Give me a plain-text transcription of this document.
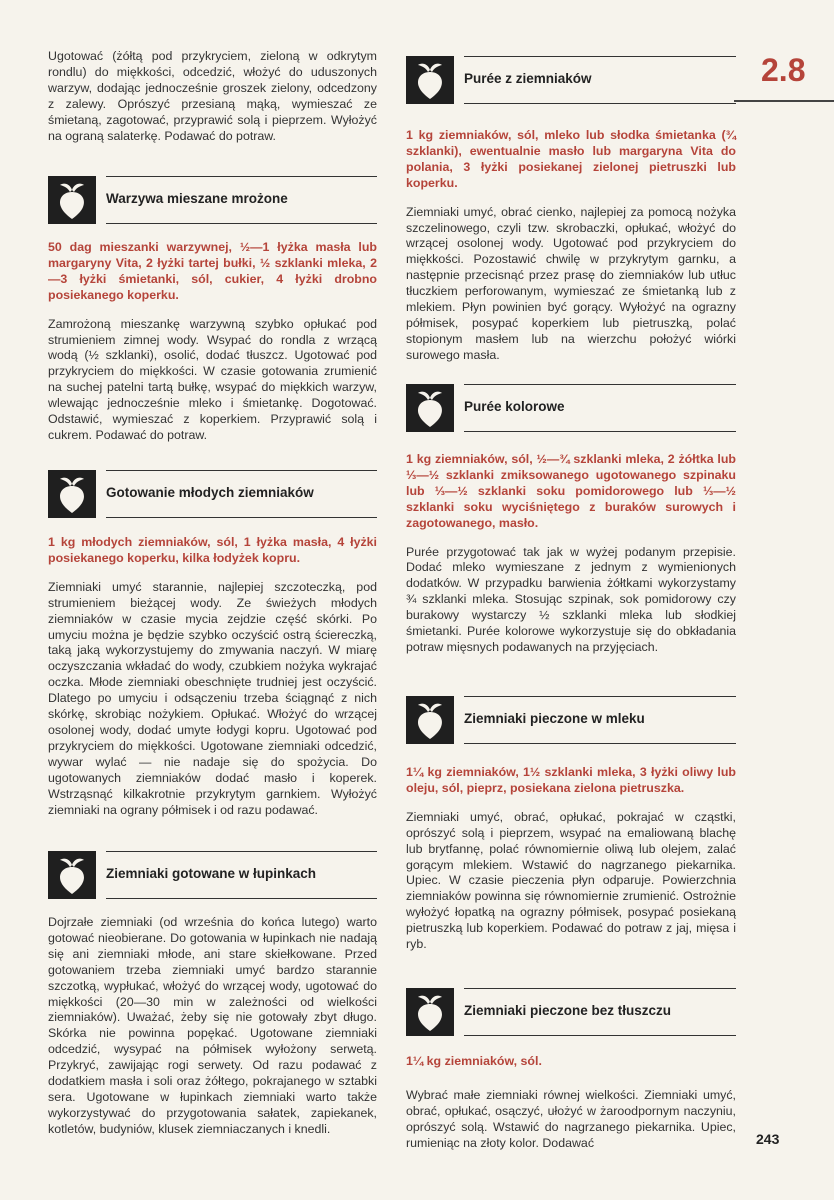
2.8

Ugotować (żółtą pod przykryciem, zieloną w odkrytym rondlu) do miękkości, odcedzić, włożyć do uduszonych warzyw, dodając jednocześnie groszek zielony, odcedzony z zalewy. Oprószyć przesianą mąką, wymieszać ze śmietaną, zagotować, przyprawić solą i pieprzem. Wyłożyć na ograną salaterkę. Podawać do potraw.

Warzywa mieszane mrożone

50 dag mieszanki warzywnej, ½—1 łyżka masła lub margaryny Vita, 2 łyżki tartej bułki, ½ szklanki mleka, 2—3 łyżki śmietanki, sól, cukier, 4 łyżki drobno posiekanego koperku.

Zamrożoną mieszankę warzywną szybko opłukać pod strumieniem zimnej wody. Wsypać do rondla z wrzącą wodą (½ szklanki), osolić, dodać tłuszcz. Ugotować pod przykryciem do miękkości. W czasie gotowania zrumienić na suchej patelni tartą bułkę, wsypać do miękkich warzyw, wlewając jednocześnie mleko i śmietankę. Dogotować. Odstawić, wymieszać z koperkiem. Przyprawić solą i cukrem. Podawać do potraw.

Gotowanie młodych ziemniaków

1 kg młodych ziemniaków, sól, 1 łyżka masła, 4 łyżki posiekanego koperku, kilka łodyżek kopru.

Ziemniaki umyć starannie, najlepiej szczoteczką, pod strumieniem bieżącej wody. Ze świeżych młodych ziemniaków w czasie mycia zejdzie część skórki. Po umyciu można je będzie szybko oczyścić ostrą ściereczką, taką jaką wykorzystujemy do zmywania naczyń. W miarę oczyszczania wkładać do wody, czubkiem nożyka wykrajać oczka. Młode ziemniaki obeschnięte trudniej jest oczyścić. Dlatego po umyciu i odsączeniu trzeba ściągnąć z nich skórkę, skrobiąc nożykiem. Opłukać. Włożyć do wrzącej osolonej wody, dodać umyte łodygi kopru. Ugotować pod przykryciem do miękkości. Ugotowane ziemniaki odcedzić, wywar wylać — nie nadaje się do spożycia. Do ugotowanych ziemniaków dodać masło i koperek. Wstrząsnąć kilkakrotnie przykrytym garnkiem. Wyłożyć ziemniaki na ograny półmisek i od razu podawać.

Ziemniaki gotowane w łupinkach

Dojrzałe ziemniaki (od września do końca lutego) warto gotować nieobierane. Do gotowania w łupinkach nie nadają się ani ziemniaki młode, ani stare skiełkowane. Przed gotowaniem trzeba ziemniaki umyć bardzo starannie szczotką, wypłukać, włożyć do wrzącej wody, ugotować do miękkości (20—30 min w zależności od wielkości ziemniaków). Uważać, żeby się nie gotowały zbyt długo. Skórka nie powinna popękać. Ugotowane ziemniaki odcedzić, wysypać na półmisek wyłożony serwetą. Przykryć, zawijając rogi serwety. Od razu podawać z dodatkiem masła i soli oraz żółtego, pokrajanego w sztabki sera. Ugotowane w łupinkach ziemniaki warto także wykorzystywać do przygotowania sałatek, zapiekanek, kotletów, budyniów, klusek ziemniaczanych i knedli.

Purée z ziemniaków

1 kg ziemniaków, sól, mleko lub słodka śmietanka (¾ szklanki), ewentualnie masło lub margaryna Vita do polania, 3 łyżki posiekanej zielonej pietruszki lub koperku.

Ziemniaki umyć, obrać cienko, najlepiej za pomocą nożyka szczelinowego, czyli tzw. skrobaczki, opłukać, włożyć do wrzącej osolonej wody. Ugotować pod przykryciem do miękkości. Pozostawić chwilę w przykrytym garnku, a następnie przecisnąć przez prasę do ziemniaków lub utłuc tłuczkiem perforowanym, wymieszać ze śmietanką lub z mlekiem. Płyn powinien być gorący. Wyłożyć na ograzny półmisek, posypać koperkiem lub pietruszką, polać stopionym masłem lub na wierzchu położyć wiórki surowego masła.

Purée kolorowe

1 kg ziemniaków, sól, ½—¾ szklanki mleka, 2 żółtka lub ⅓—½ szklanki zmiksowanego ugotowanego szpinaku lub ⅓—½ szklanki soku pomidorowego lub ⅓—½ szklanki soku wyciśniętego z buraków surowych i zagotowanego, masło.

Purée przygotować tak jak w wyżej podanym przepisie. Dodać mleko wymieszane z jednym z wymienionych dodatków. W przypadku barwienia żółtkami wykorzystamy ¾ szklanki mleka. Stosując szpinak, sok pomidorowy czy burakowy wystarczy ½ szklanki mleka lub słodkiej śmietanki. Purée kolorowe wykorzystuje się do obkładania potraw mięsnych podawanych na przyjęciach.

Ziemniaki pieczone w mleku

1¼ kg ziemniaków, 1½ szklanki mleka, 3 łyżki oliwy lub oleju, sól, pieprz, posiekana zielona pietruszka.

Ziemniaki umyć, obrać, opłukać, pokrajać w cząstki, oprószyć solą i pieprzem, wsypać na emaliowaną blachę lub brytfannę, polać równomiernie oliwą lub olejem, zalać gorącym mlekiem. Wstawić do nagrzanego piekarnika. Upiec. W czasie pieczenia płyn odparuje. Powierzchnia ziemniaków powinna się równomiernie zrumienić. Ostrożnie wyłożyć łopatką na ograzny półmisek, posypać posiekaną pietruszką lub koperkiem. Podawać do potraw z jaj, mięsa i ryb.

Ziemniaki pieczone bez tłuszczu

1¼ kg ziemniaków, sól.

Wybrać małe ziemniaki równej wielkości. Ziemniaki umyć, obrać, opłukać, osączyć, ułożyć w żaroodpornym naczyniu, oprószyć solą. Wstawić do nagrzanego piekarnika. Upiec, rumieniąc na złoty kolor. Dodawać	243
